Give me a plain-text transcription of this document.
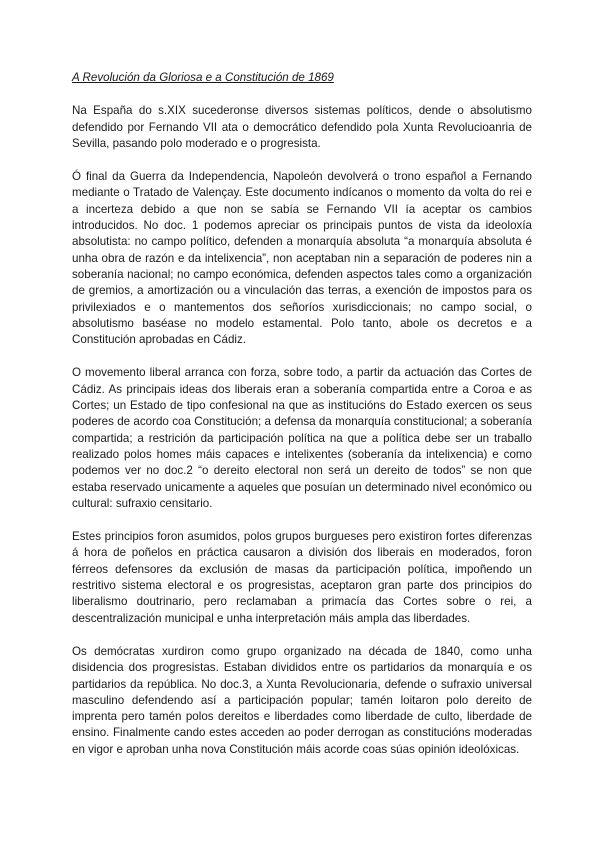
A Revolución da Gloriosa e a Constitución de 1869

Na España do s.XIX sucederonse diversos sistemas políticos, dende o absolutismo defendido por Fernando VII ata o democrático defendido pola Xunta Revolucioanria de Sevilla, pasando polo moderado e o progresista.

Ó final da Guerra da Independencia, Napoleón devolverá o trono español a Fernando mediante o Tratado de Valençay. Este documento indícanos o momento da volta do rei e a incerteza debido a que non se sabía se Fernando VII ía aceptar os cambios introducidos. No doc. 1 podemos apreciar os principais puntos de vista da ideoloxía absolutista: no campo político, defenden a monarquía absoluta “a monarquía absoluta é unha obra de razón e da intelixencia”, non aceptaban nin a separación de poderes nin a soberanía nacional; no campo económica, defenden aspectos tales como a organización de gremios, a amortización ou a vinculación das terras, a exención de impostos para os privilexiados e o mantementos dos señoríos xurisdiccionais; no campo social, o absolutismo baséase no modelo estamental. Polo tanto, abole os decretos e a Constitución aprobadas en Cádiz.

O movemento liberal arranca con forza, sobre todo, a partir da actuación das Cortes de Cádiz. As principais ideas dos liberais eran a soberanía compartida entre a Coroa e as Cortes; un Estado de tipo confesional na que as institucións do Estado exercen os seus poderes de acordo coa Constitución; a defensa da monarquía constitucional; a soberanía compartida; a restrición da participación política na que a política debe ser un traballo realizado polos homes máis capaces e intelixentes (soberanía da intelixencia) e como podemos ver no doc.2 “o dereito electoral non será un dereito de todos” se non que estaba reservado unicamente a aqueles que posuían un determinado nivel económico ou cultural: sufraxio censitario.

Estes principios foron asumidos, polos grupos burgueses pero existiron fortes diferenzas á hora de poñelos en práctica causaron a división dos liberais en moderados, foron férreos defensores da exclusión de masas da participación política, impoñendo un restritivo sistema electoral e os progresistas, aceptaron gran parte dos principios do liberalismo doutrinario, pero reclamaban a primacía das Cortes sobre o rei, a descentralización municipal e unha interpretación máis ampla das liberdades.

Os demócratas xurdiron como grupo organizado na década de 1840, como unha disidencia dos progresistas. Estaban divididos entre os partidarios da monarquía e os partidarios da república. No doc.3, a Xunta Revolucionaria, defende o sufraxio universal masculino defendendo así a participación popular; tamén loitaron polo dereito de imprenta pero tamén polos dereitos e liberdades como liberdade de culto, liberdade de ensino. Finalmente cando estes acceden ao poder derrogan as constitucións moderadas en vigor e aproban unha nova Constitución máis acorde coas súas opinión ideolóxicas.
